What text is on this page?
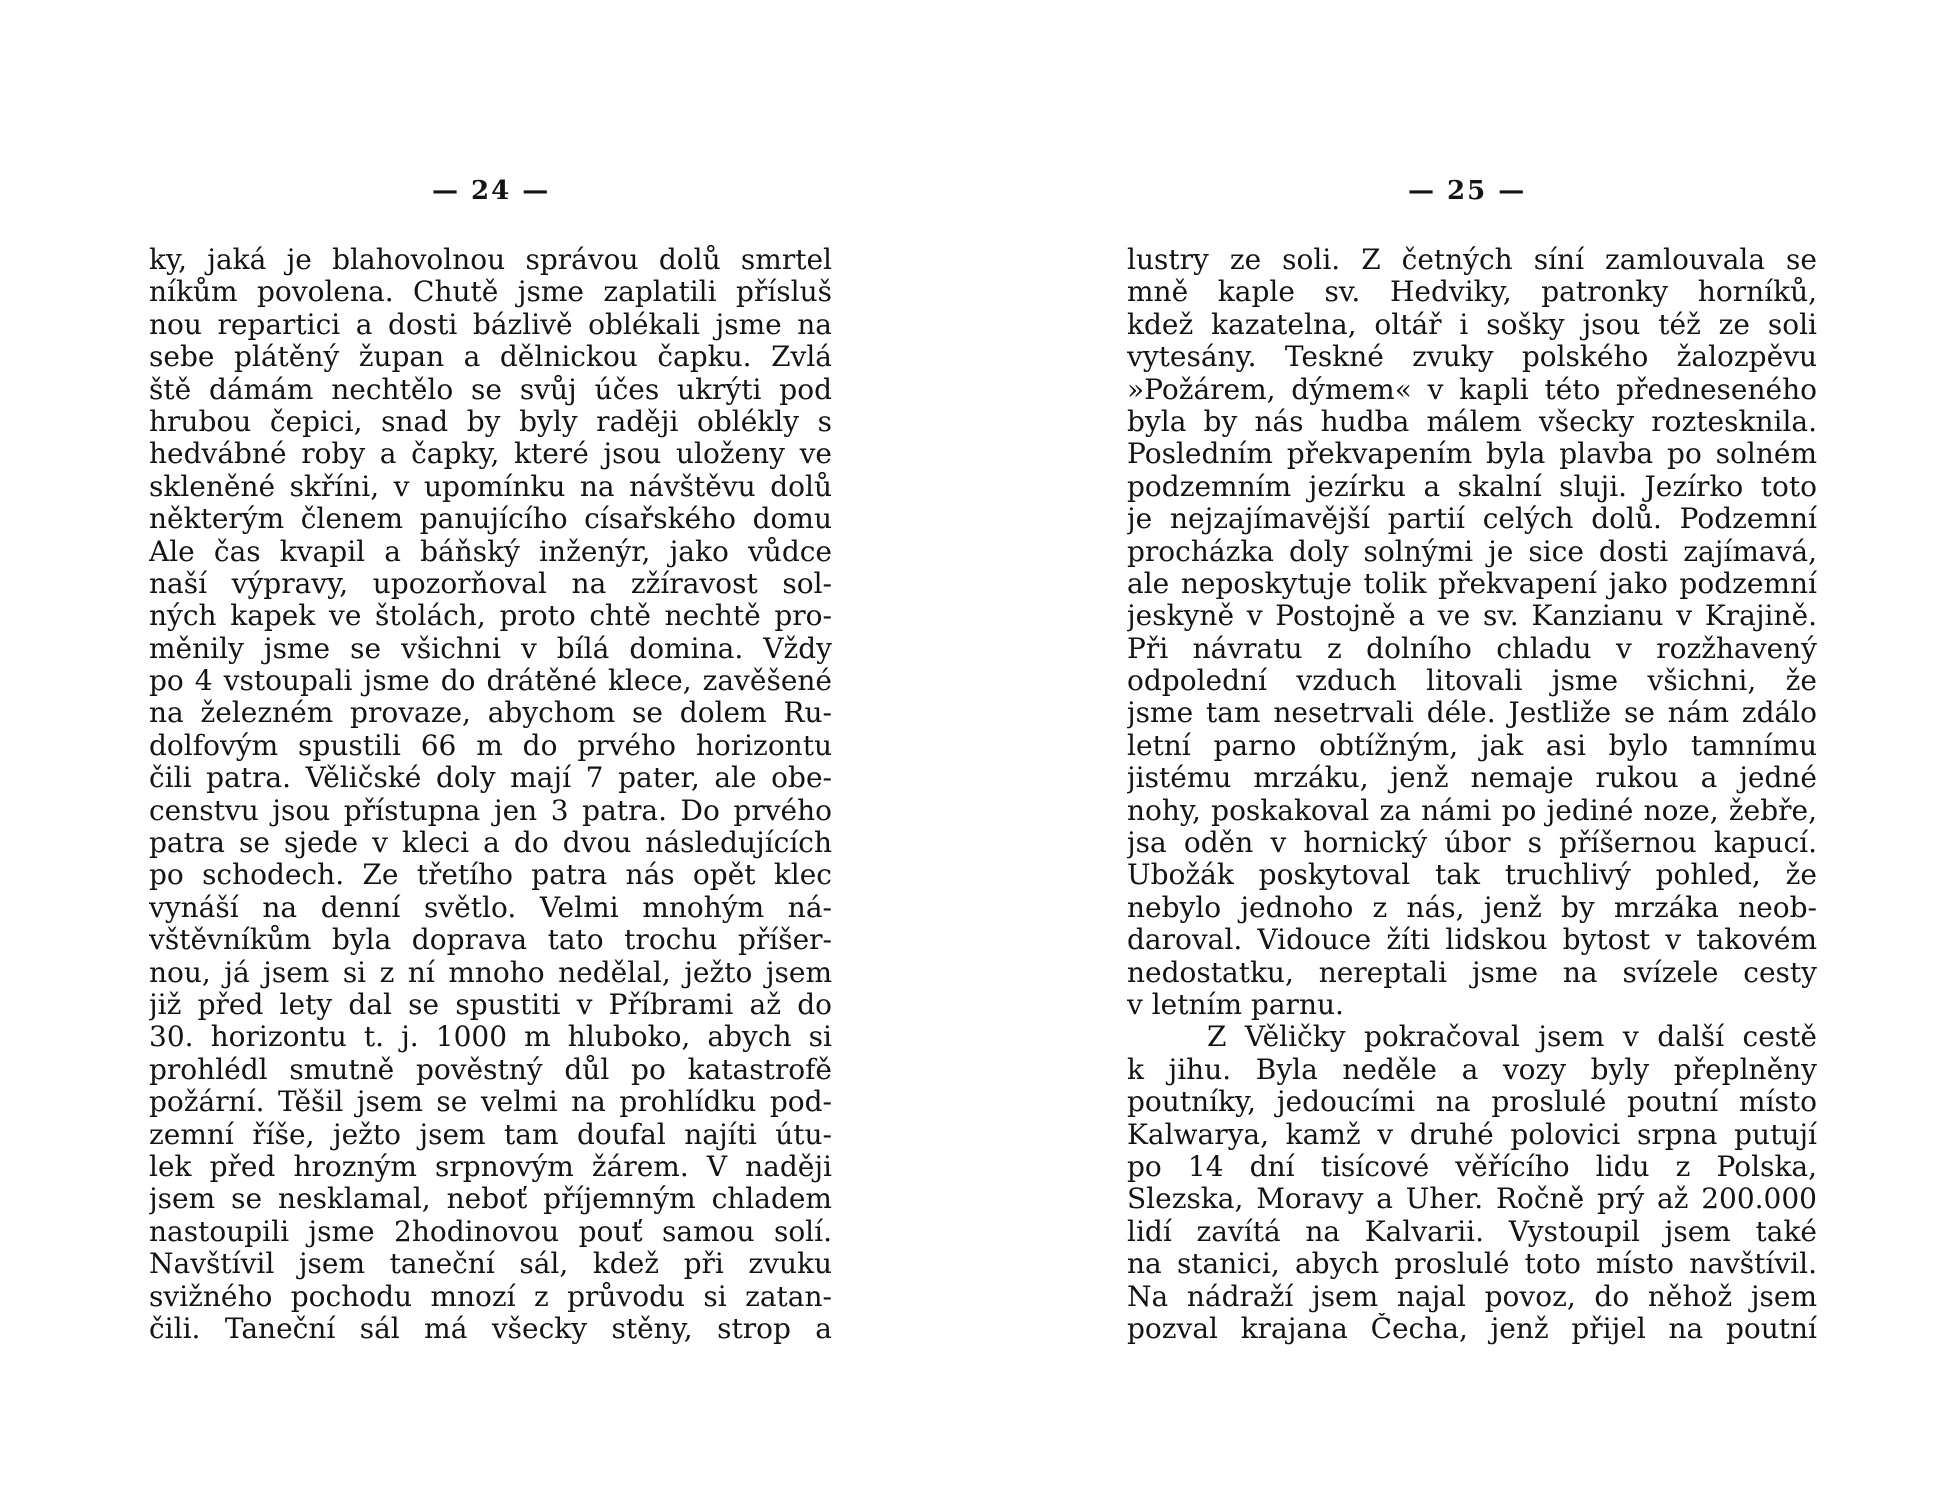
— 24 —
ky, jaká je blahovolnou správou dolů smrtel
níkům povolena. Chutě jsme zaplatili přísluš
nou repartici a dosti bázlivě oblékali jsme na
sebe plátěný župan a dělnickou čapku. Zvlá
ště dámám nechtělo se svůj účes ukrýti pod
hrubou čepici, snad by byly raději oblékly s
hedvábné roby a čapky, které jsou uloženy ve
skleněné skříni, v upomínku na návštěvu dolů
některým členem panujícího císařského domu
Ale čas kvapil a báňský inženýr, jako vůdce
naší výpravy, upozorňoval na zžíravost sol-
ných kapek ve štolách, proto chtě nechtě pro-
měnily jsme se všichni v bílá domina. Vždy
po 4 vstoupali jsme do drátěné klece, zavěšené
na železném provaze, abychom se dolem Ru-
dolfovým spustili 66 m do prvého horizontu
čili patra. Věličské doly mají 7 pater, ale obe-
censtvu jsou přístupna jen 3 patra. Do prvého
patra se sjede v kleci a do dvou následujících
po schodech. Ze třetího patra nás opět klec
vynáší na denní světlo. Velmi mnohým ná-
vštěvníkům byla doprava tato trochu příšer-
nou, já jsem si z ní mnoho nedělal, ježto jsem
již před lety dal se spustiti v Příbrami až do
30. horizontu t. j. 1000 m hluboko, abych si
prohlédl smutně pověstný důl po katastrofě
požární. Těšil jsem se velmi na prohlídku pod-
zemní říše, ježto jsem tam doufal najíti útu-
lek před hrozným srpnovým žárem. V naději
jsem se nesklamal, neboť příjemným chladem
nastoupili jsme 2hodinovou pouť samou solí.
Navštívil jsem taneční sál, kdež při zvuku
svižného pochodu mnozí z průvodu si zatan-
čili. Taneční sál má všecky stěny, strop a
— 25 —
lustry ze soli. Z četných síní zamlouvala se
mně kaple sv. Hedviky, patronky horníků,
kdež kazatelna, oltář i sošky jsou též ze soli
vytesány. Teskné zvuky polského žalozpěvu
»Požárem, dýmem« v kapli této předneseného
byla by nás hudba málem všecky roztesknila.
Posledním překvapením byla plavba po solném
podzemním jezírku a skalní sluji. Jezírko toto
je nejzajímavější partií celých dolů. Podzemní
procházka doly solnými je sice dosti zajímavá,
ale neposkytuje tolik překvapení jako podzemní
jeskyně v Postojně a ve sv. Kanzianu v Krajině.
Při návratu z dolního chladu v rozžhavený
odpolední vzduch litovali jsme všichni, že
jsme tam nesetrvali déle. Jestliže se nám zdálo
letní parno obtížným, jak asi bylo tamnímu
jistému mrzáku, jenž nemaje rukou a jedné
nohy, poskakoval za námi po jediné noze, žebře,
jsa oděn v hornický úbor s příšernou kapucí.
Ubožák poskytoval tak truchlivý pohled, že
nebylo jednoho z nás, jenž by mrzáka neob-
daroval. Vidouce žíti lidskou bytost v takovém
nedostatku, nereptali jsme na svízele cesty
v letním parnu.
Z Věličky pokračoval jsem v další cestě
k jihu. Byla neděle a vozy byly přeplněny
poutníky, jedoucími na proslulé poutní místo
Kalwarya, kamž v druhé polovici srpna putují
po 14 dní tisícové věřícího lidu z Polska,
Slezska, Moravy a Uher. Ročně prý až 200.000
lidí zavítá na Kalvarii. Vystoupil jsem také
na stanici, abych proslulé toto místo navštívil.
Na nádraží jsem najal povoz, do něhož jsem
pozval krajana Čecha, jenž přijel na poutní
